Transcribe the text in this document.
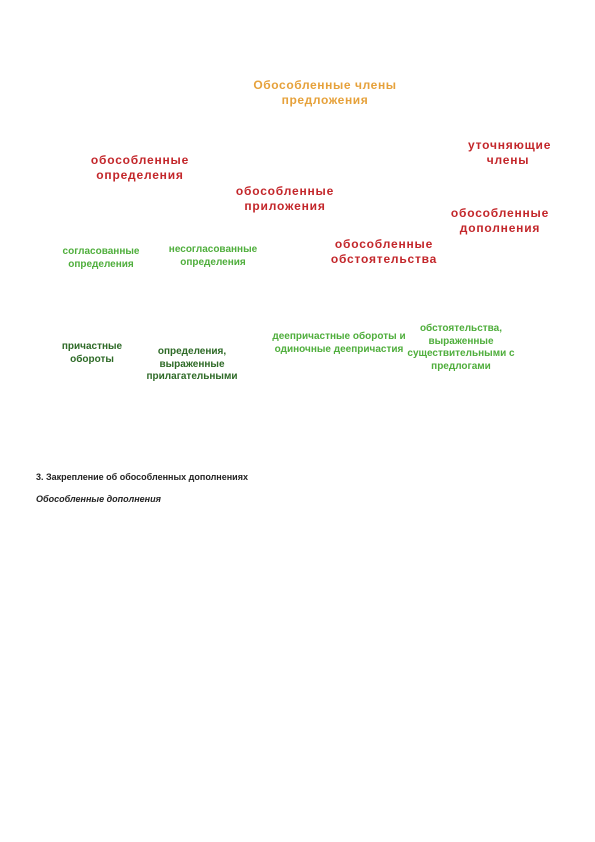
Обособленные члены предложения
обособленные определения
обособленные приложения
уточняющие члены
обособленные дополнения
обособленные обстоятельства
согласованные определения
несогласованные определения
причастные обороты
определения, выраженные прилагательными
деепричастные обороты и одиночные деепричастия
обстоятельства, выраженные существительными с предлогами
3. Закрепление об обособленных дополнениях
Обособленные дополнения
